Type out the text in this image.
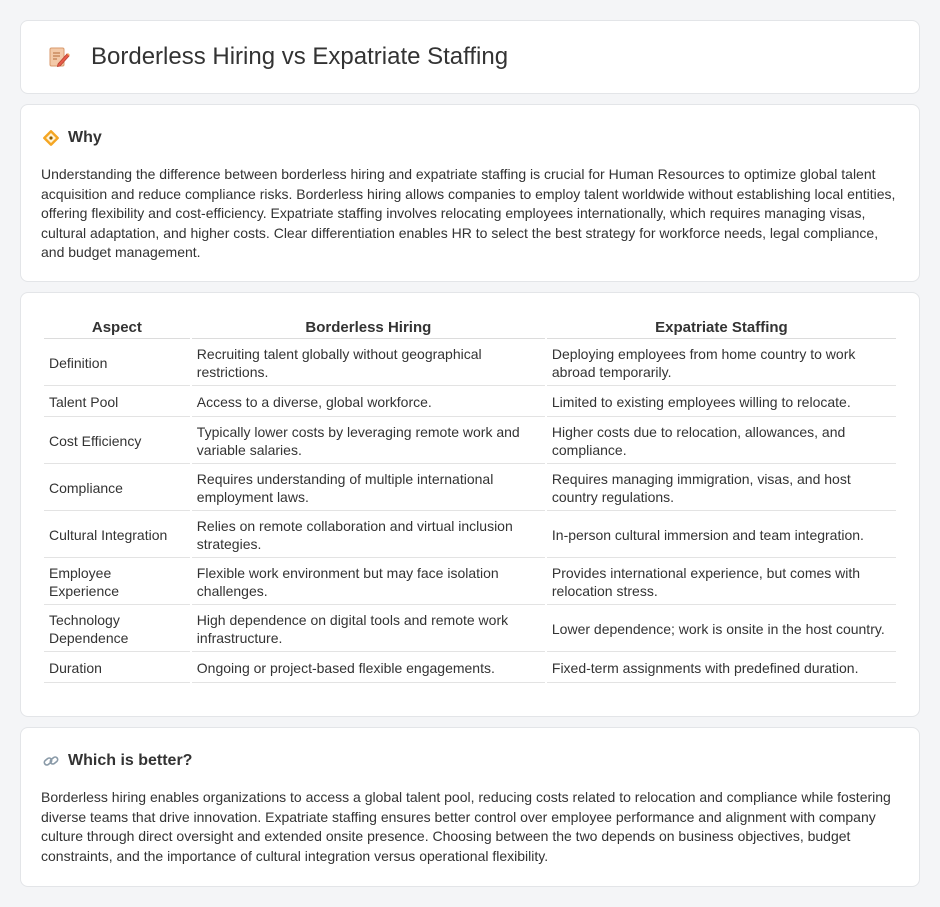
Borderless Hiring vs Expatriate Staffing
Why

Understanding the difference between borderless hiring and expatriate staffing is crucial for Human Resources to optimize global talent acquisition and reduce compliance risks. Borderless hiring allows companies to employ talent worldwide without establishing local entities, offering flexibility and cost-efficiency. Expatriate staffing involves relocating employees internationally, which requires managing visas, cultural adaptation, and higher costs. Clear differentiation enables HR to select the best strategy for workforce needs, legal compliance, and budget management.

Aspect	Borderless Hiring	Expatriate Staffing
Definition	Recruiting talent globally without geographical restrictions.	Deploying employees from home country to work abroad temporarily.
Talent Pool	Access to a diverse, global workforce.	Limited to existing employees willing to relocate.
Cost Efficiency	Typically lower costs by leveraging remote work and variable salaries.	Higher costs due to relocation, allowances, and compliance.
Compliance	Requires understanding of multiple international employment laws.	Requires managing immigration, visas, and host country regulations.
Cultural Integration	Relies on remote collaboration and virtual inclusion strategies.	In-person cultural immersion and team integration.
Employee Experience	Flexible work environment but may face isolation challenges.	Provides international experience, but comes with relocation stress.
Technology Dependence	High dependence on digital tools and remote work infrastructure.	Lower dependence; work is onsite in the host country.
Duration	Ongoing or project-based flexible engagements.	Fixed-term assignments with predefined duration.
Which is better?

Borderless hiring enables organizations to access a global talent pool, reducing costs related to relocation and compliance while fostering diverse teams that drive innovation. Expatriate staffing ensures better control over employee performance and alignment with company culture through direct oversight and extended onsite presence. Choosing between the two depends on business objectives, budget constraints, and the importance of cultural integration versus operational flexibility.
